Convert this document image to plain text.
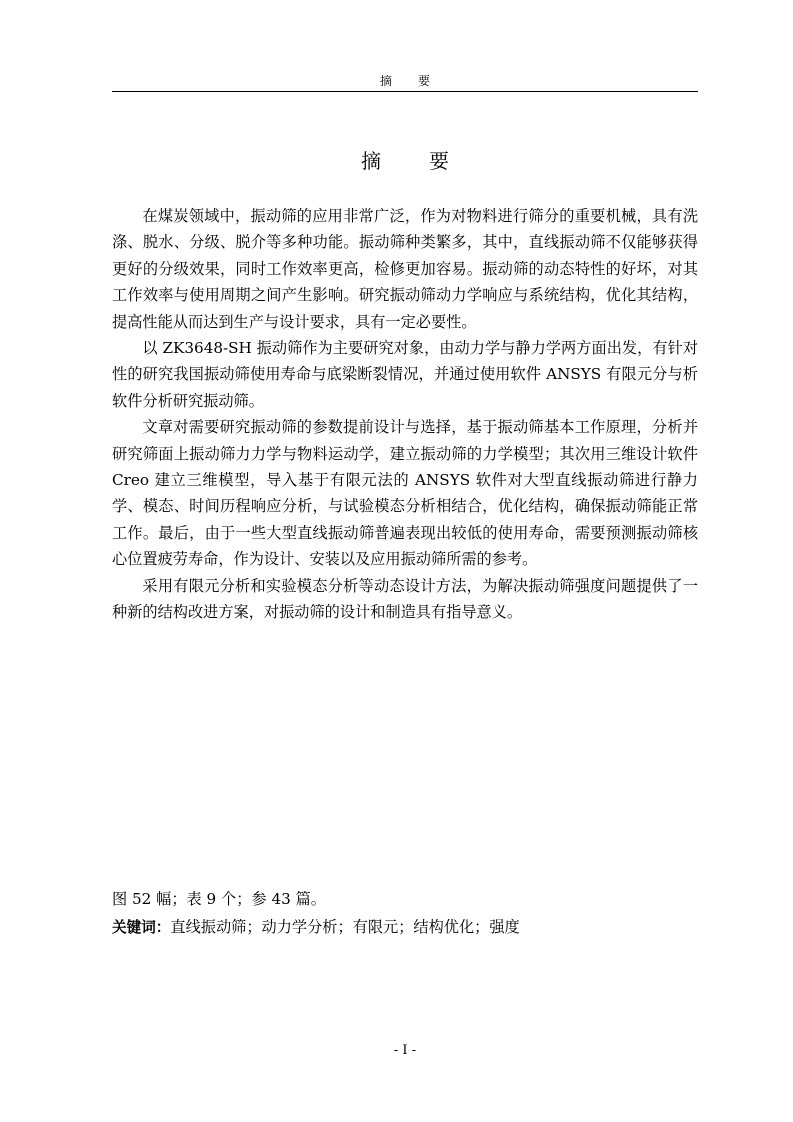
摘要
摘要

在煤炭领域中，振动筛的应用非常广泛，作为对物料进行筛分的重要机械，具有洗涤、脱水、分级、脱介等多种功能。振动筛种类繁多，其中，直线振动筛不仅能够获得更好的分级效果，同时工作效率更高，检修更加容易。振动筛的动态特性的好坏，对其工作效率与使用周期之间产生影响。研究振动筛动力学响应与系统结构，优化其结构，提高性能从而达到生产与设计要求，具有一定必要性。

以 ZK3648-SH 振动筛作为主要研究对象，由动力学与静力学两方面出发，有针对性的研究我国振动筛使用寿命与底梁断裂情况，并通过使用软件 ANSYS 有限元分与析软件分析研究振动筛。

文章对需要研究振动筛的参数提前设计与选择，基于振动筛基本工作原理，分析并研究筛面上振动筛力力学与物料运动学，建立振动筛的力学模型；其次用三维设计软件 Creo 建立三维模型，导入基于有限元法的 ANSYS 软件对大型直线振动筛进行静力学、模态、时间历程响应分析，与试验模态分析相结合，优化结构，确保振动筛能正常工作。最后，由于一些大型直线振动筛普遍表现出较低的使用寿命，需要预测振动筛核心位置疲劳寿命，作为设计、安装以及应用振动筛所需的参考。

采用有限元分析和实验模态分析等动态设计方法，为解决振动筛强度问题提供了一种新的结构改进方案，对振动筛的设计和制造具有指导意义。

图 52 幅；表 9 个；参 43 篇。
关键词：直线振动筛；动力学分析；有限元；结构优化；强度
- I -
